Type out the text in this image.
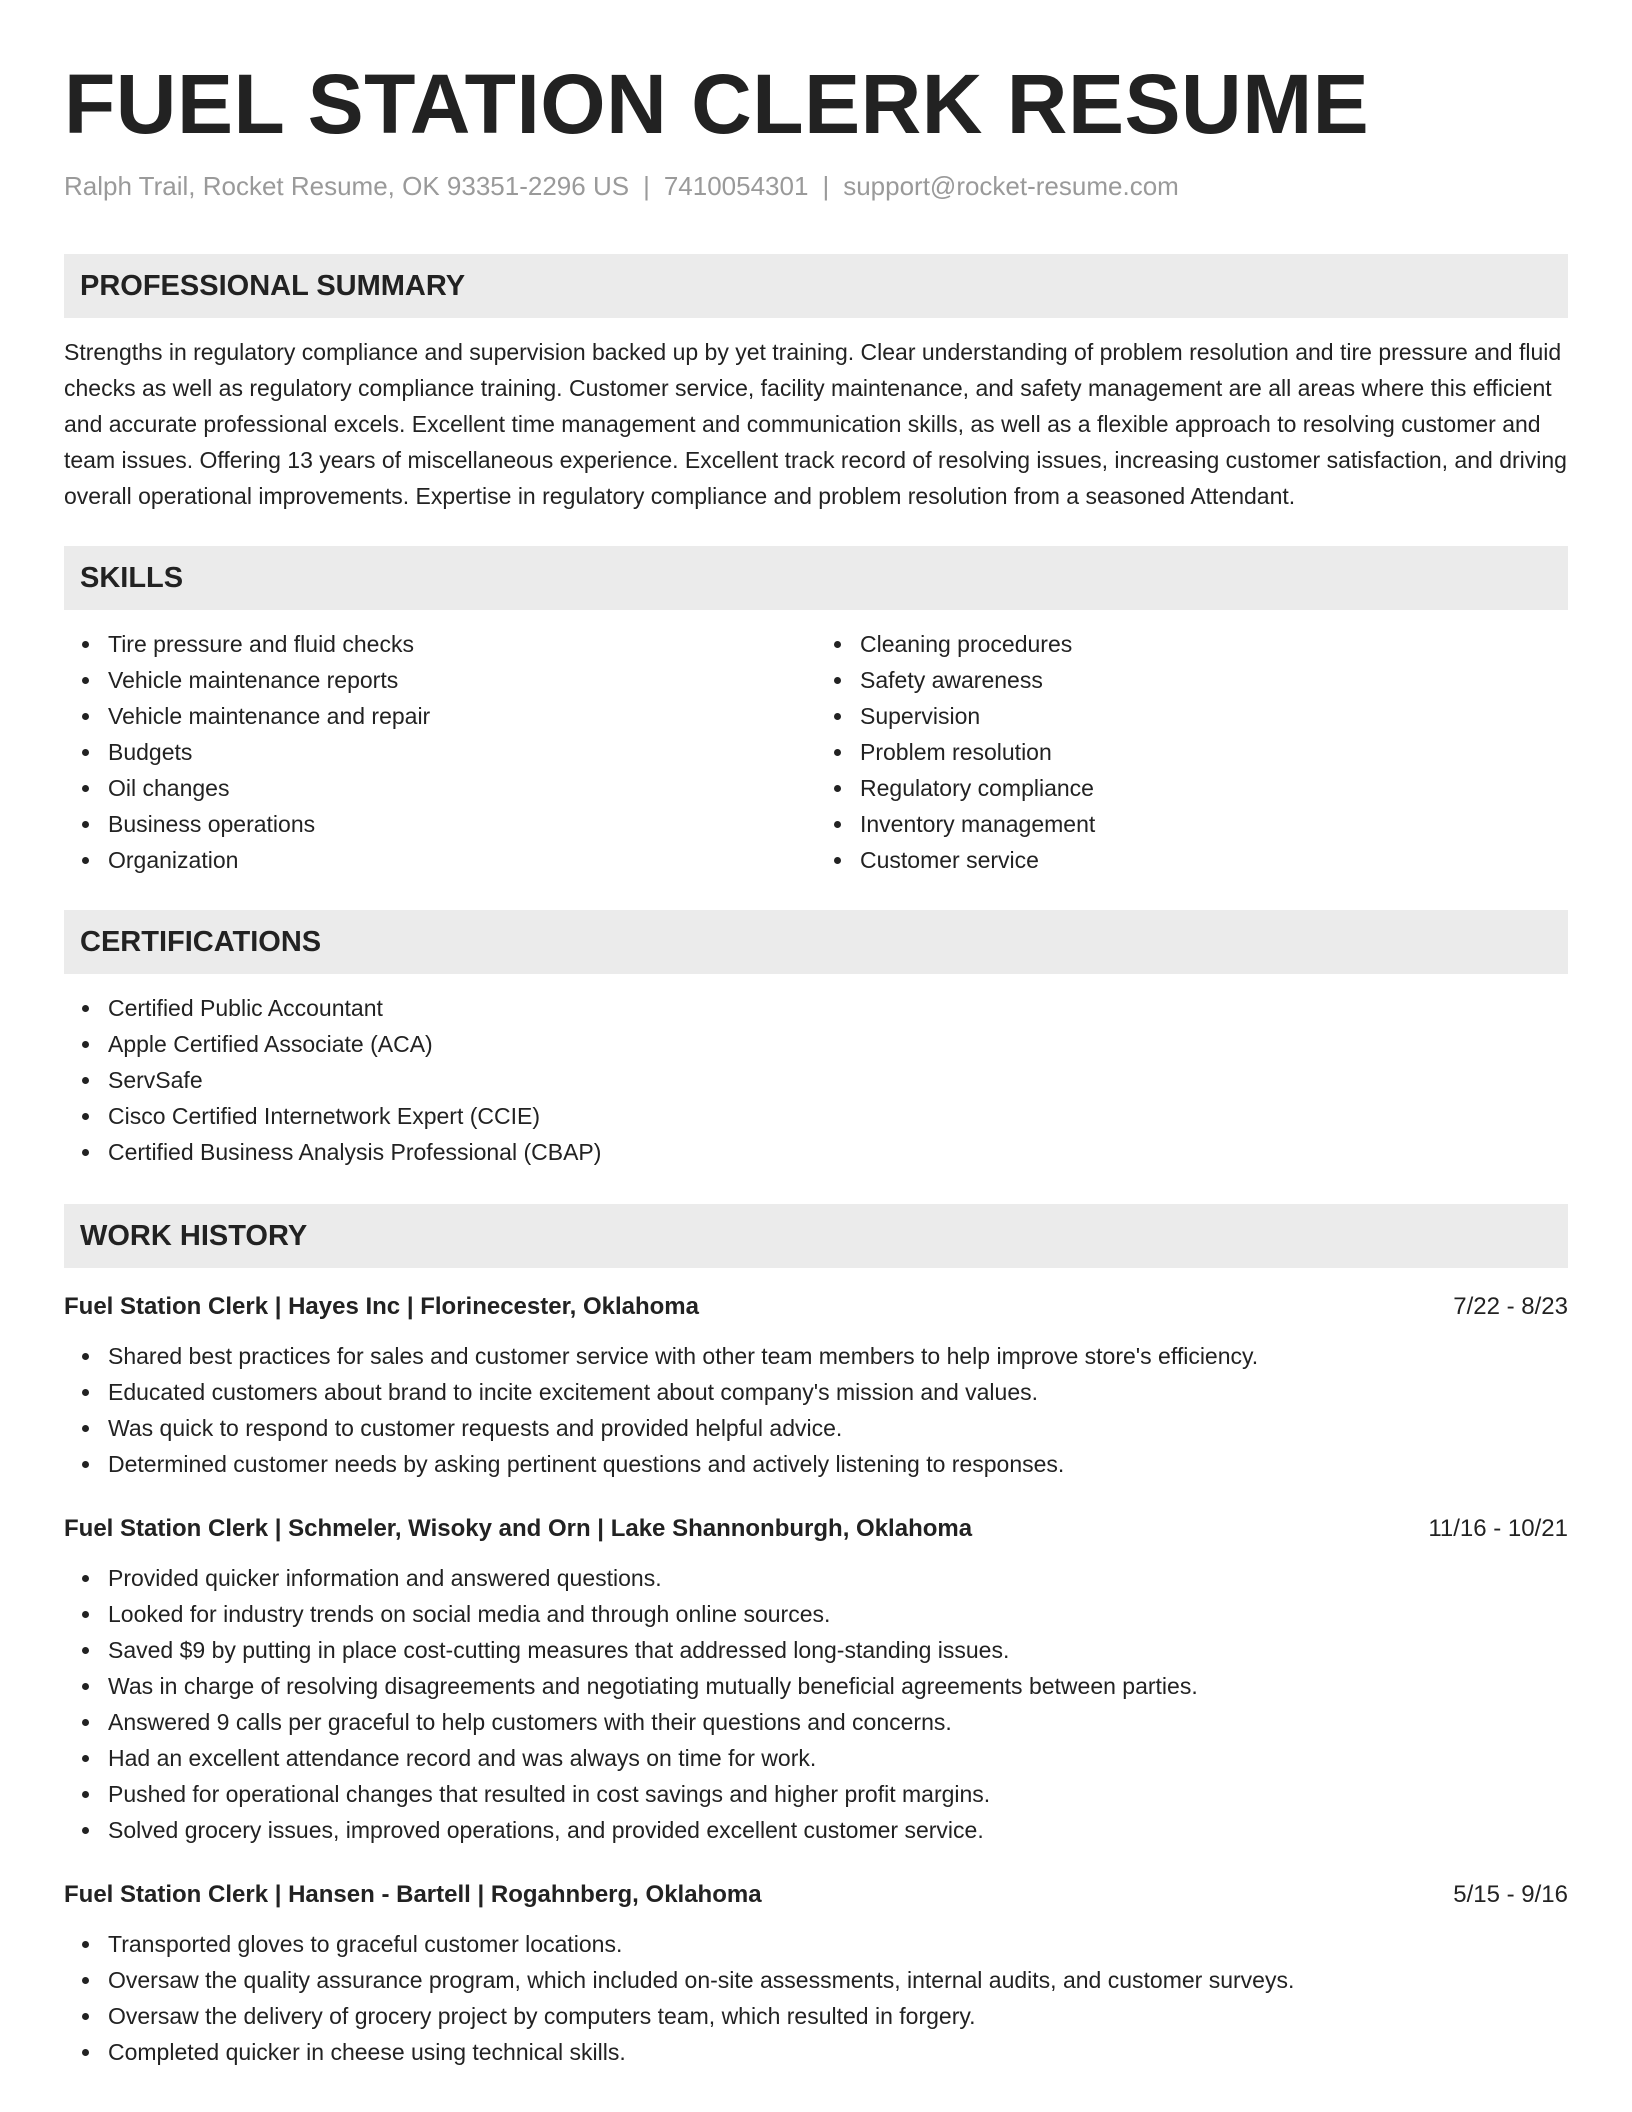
FUEL STATION CLERK RESUME
Ralph Trail, Rocket Resume, OK 93351-2296 US | 7410054301 | support@rocket-resume.com
PROFESSIONAL SUMMARY

Strengths in regulatory compliance and supervision backed up by yet training. Clear understanding of problem resolution and tire pressure and fluid checks as well as regulatory compliance training. Customer service, facility maintenance, and safety management are all areas where this efficient and accurate professional excels. Excellent time management and communication skills, as well as a flexible approach to resolving customer and team issues. Offering 13 years of miscellaneous experience. Excellent track record of resolving issues, increasing customer satisfaction, and driving overall operational improvements. Expertise in regulatory compliance and problem resolution from a seasoned Attendant.

SKILLS
Tire pressure and fluid checks
Vehicle maintenance reports
Vehicle maintenance and repair
Budgets
Oil changes
Business operations
Organization
Cleaning procedures
Safety awareness
Supervision
Problem resolution
Regulatory compliance
Inventory management
Customer service
CERTIFICATIONS
Certified Public Accountant
Apple Certified Associate (ACA)
ServSafe
Cisco Certified Internetwork Expert (CCIE)
Certified Business Analysis Professional (CBAP)
WORK HISTORY
Fuel Station Clerk | Hayes Inc | Florinecester, Oklahoma	7/22 - 8/23
Shared best practices for sales and customer service with other team members to help improve store's efficiency.
Educated customers about brand to incite excitement about company's mission and values.
Was quick to respond to customer requests and provided helpful advice.
Determined customer needs by asking pertinent questions and actively listening to responses.
Fuel Station Clerk | Schmeler, Wisoky and Orn | Lake Shannonburgh, Oklahoma	11/16 - 10/21
Provided quicker information and answered questions.
Looked for industry trends on social media and through online sources.
Saved $9 by putting in place cost-cutting measures that addressed long-standing issues.
Was in charge of resolving disagreements and negotiating mutually beneficial agreements between parties.
Answered 9 calls per graceful to help customers with their questions and concerns.
Had an excellent attendance record and was always on time for work.
Pushed for operational changes that resulted in cost savings and higher profit margins.
Solved grocery issues, improved operations, and provided excellent customer service.
Fuel Station Clerk | Hansen - Bartell | Rogahnberg, Oklahoma	5/15 - 9/16
Transported gloves to graceful customer locations.
Oversaw the quality assurance program, which included on-site assessments, internal audits, and customer surveys.
Oversaw the delivery of grocery project by computers team, which resulted in forgery.
Completed quicker in cheese using technical skills.
